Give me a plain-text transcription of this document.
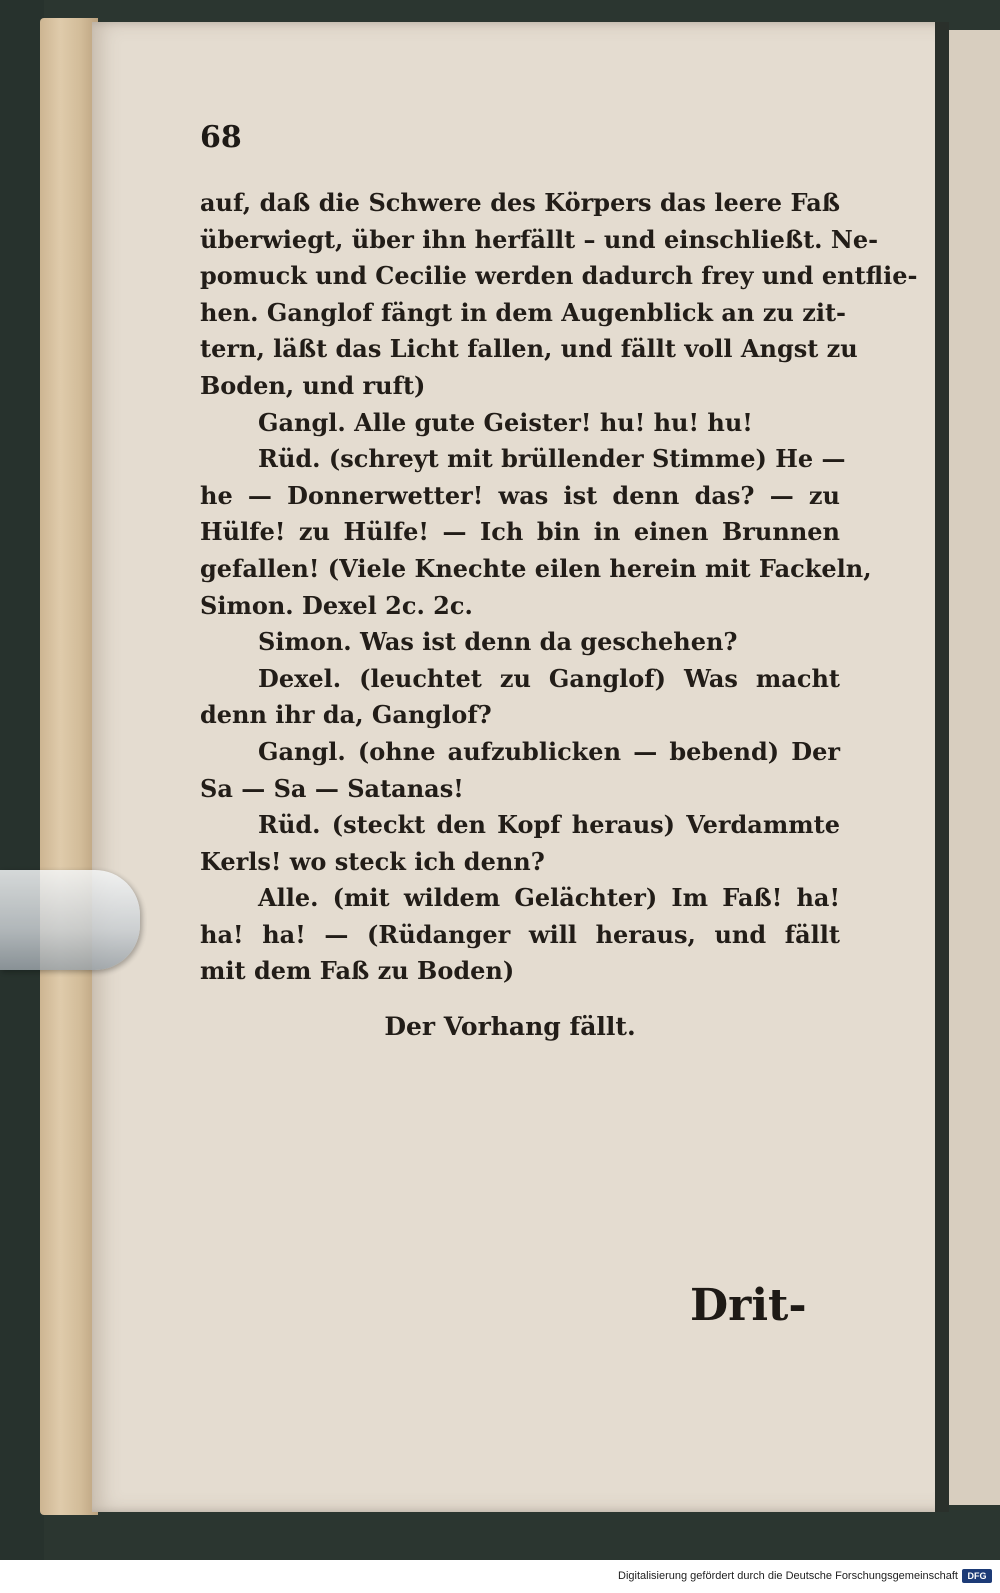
68
auf, daß die Schwere des Körpers das leere Faß
überwiegt, über ihn herfällt – und einschließt. Ne-
pomuck und Cecilie werden dadurch frey und entflie-
hen. Ganglof fängt in dem Augenblick an zu zit-
tern, läßt das Licht fallen, und fällt voll Angst zu
Boden, und ruft)
Gangl. Alle gute Geister! hu! hu! hu!
Rüd. (schreyt mit brüllender Stimme) He —
he — Donnerwetter! was ist denn das? — zu
Hülfe! zu Hülfe! — Ich bin in einen Brunnen
gefallen! (Viele Knechte eilen herein mit Fackeln,
Simon. Dexel 2c. 2c.
Simon. Was ist denn da geschehen?
Dexel. (leuchtet zu Ganglof) Was macht
denn ihr da, Ganglof?
Gangl. (ohne aufzublicken — bebend) Der
Sa — Sa — Satanas!
Rüd. (steckt den Kopf heraus) Verdammte
Kerls! wo steck ich denn?
Alle. (mit wildem Gelächter) Im Faß! ha!
ha! ha! — (Rüdanger will heraus, und fällt
mit dem Faß zu Boden)
Der Vorhang fällt.
Drit-
Digitalisierung gefördert durch die Deutsche Forschungsgemeinschaft	DFG
